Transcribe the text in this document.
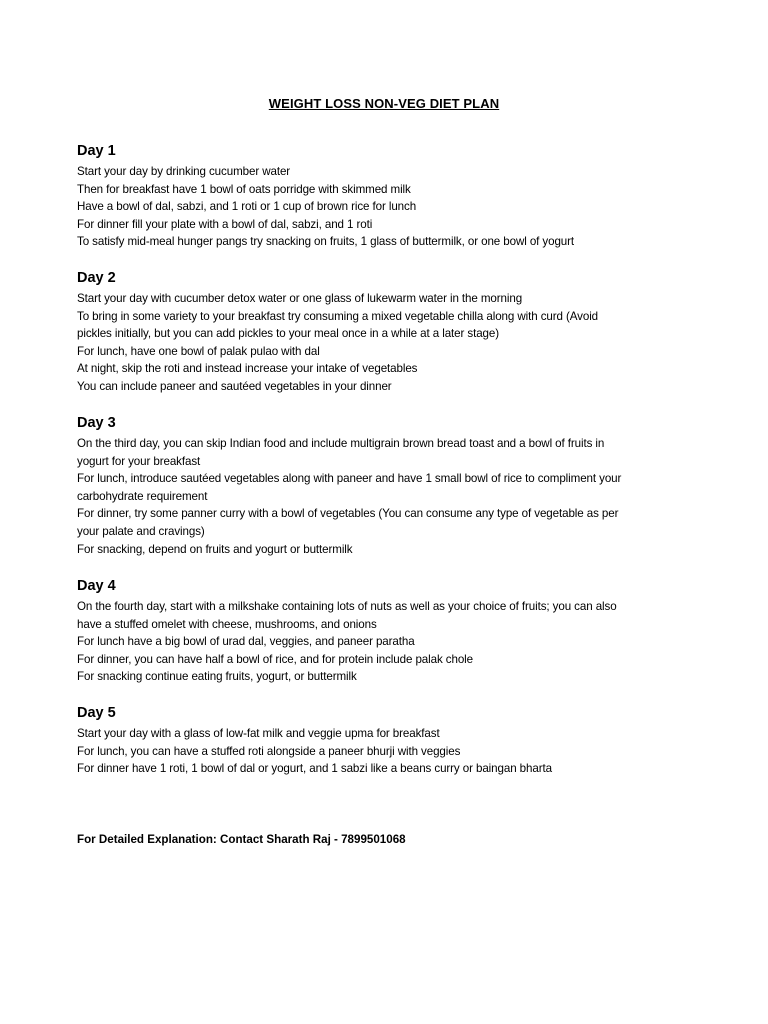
WEIGHT LOSS NON-VEG DIET PLAN
Day 1
Start your day by drinking cucumber water
Then for breakfast have 1 bowl of oats porridge with skimmed milk
Have a bowl of dal, sabzi, and 1 roti or 1 cup of brown rice for lunch
For dinner fill your plate with a bowl of dal, sabzi, and 1 roti
To satisfy mid-meal hunger pangs try snacking on fruits, 1 glass of buttermilk, or one bowl of yogurt
Day 2
Start your day with cucumber detox water or one glass of lukewarm water in the morning
To bring in some variety to your breakfast try consuming a mixed vegetable chilla along with curd (Avoid
pickles initially, but you can add pickles to your meal once in a while at a later stage)
For lunch, have one bowl of palak pulao with dal
At night, skip the roti and instead increase your intake of vegetables
You can include paneer and sautéed vegetables in your dinner
Day 3
On the third day, you can skip Indian food and include multigrain brown bread toast and a bowl of fruits in
yogurt for your breakfast
For lunch, introduce sautéed vegetables along with paneer and have 1 small bowl of rice to compliment your
carbohydrate requirement
For dinner, try some panner curry with a bowl of vegetables (You can consume any type of vegetable as per
your palate and cravings)
For snacking, depend on fruits and yogurt or buttermilk
Day 4
On the fourth day, start with a milkshake containing lots of nuts as well as your choice of fruits; you can also
have a stuffed omelet with cheese, mushrooms, and onions
For lunch have a big bowl of urad dal, veggies, and paneer paratha
For dinner, you can have half a bowl of rice, and for protein include palak chole
For snacking continue eating fruits, yogurt, or buttermilk
Day 5
Start your day with a glass of low-fat milk and veggie upma for breakfast
For lunch, you can have a stuffed roti alongside a paneer bhurji with veggies
For dinner have 1 roti, 1 bowl of dal or yogurt, and 1 sabzi like a beans curry or baingan bharta
For Detailed Explanation: Contact Sharath Raj - 7899501068
